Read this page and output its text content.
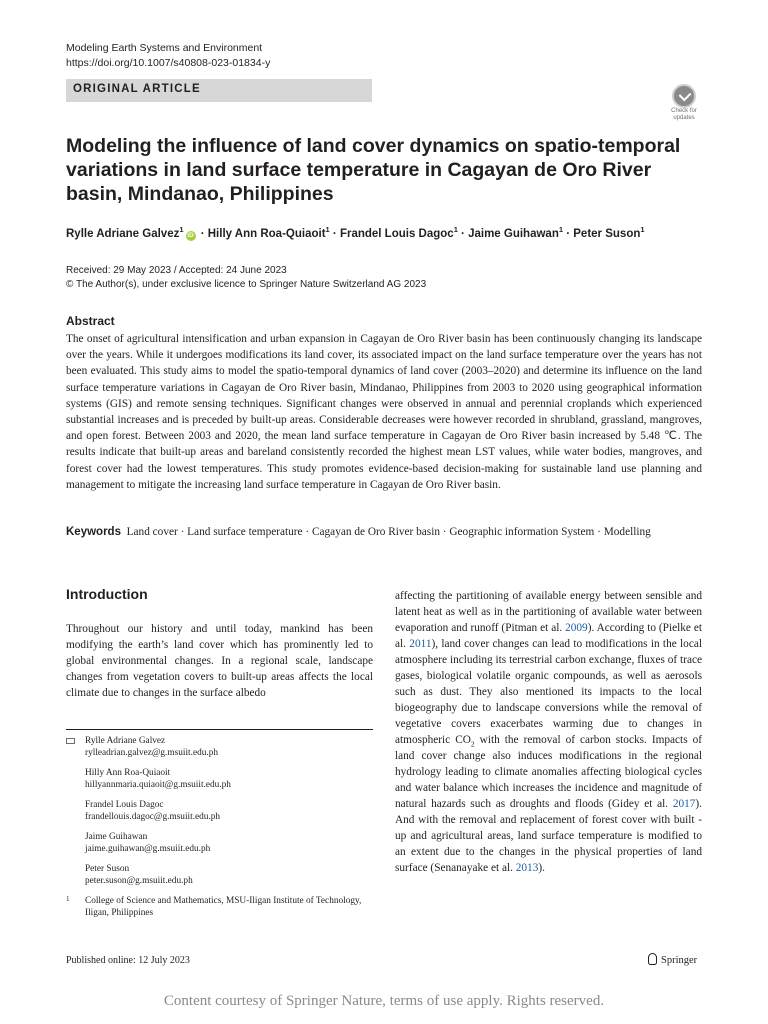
Modeling Earth Systems and Environment
https://doi.org/10.1007/s40808-023-01834-y
ORIGINAL ARTICLE
Check for
updates
Modeling the influence of land cover dynamics on spatio-temporal variations in land surface temperature in Cagayan de Oro River basin, Mindanao, Philippines
Rylle Adriane Galvez$^1$iD · Hilly Ann Roa-Quiaoit$^1$ · Frandel Louis Dagoc$^1$ · Jaime Guihawan$^1$ · Peter Suson$^1$
Received: 29 May 2023 / Accepted: 24 June 2023
© The Author(s), under exclusive licence to Springer Nature Switzerland AG 2023
Abstract
The onset of agricultural intensification and urban expansion in Cagayan de Oro River basin has been continuously changing its landscape over the years. While it undergoes modifications its land cover, its associated impact on the land surface temperature over the years has not been evaluated. This study aims to model the spatio-temporal dynamics of land cover (2003–2020) and determine its influence on the land surface temperature variations in Cagayan de Oro River basin, Mindanao, Philippines from 2003 to 2020 using geographical information systems (GIS) and remote sensing techniques. Significant changes were observed in annual and perennial croplands which experienced substantial increases and is preceded by built-up areas. Considerable decreases were however recorded in shrubland, grassland, mangroves, and open forest. Between 2003 and 2020, the mean land surface temperature in Cagayan de Oro River basin increased by 5.48 ℃. The results indicate that built-up areas and bareland consistently recorded the highest mean LST values, while water bodies, mangroves, and forest cover had the lowest temperatures. This study promotes evidence-based decision-making for sustainable land use planning and management to mitigate the increasing land surface temperature in Cagayan de Oro River basin.
Keywords Land cover · Land surface temperature · Cagayan de Oro River basin · Geographic information System · Modelling
Introduction
Throughout our history and until today, mankind has been modifying the earth’s land cover which has prominently led to global environmental changes. In a regional scale, landscape changes from vegetation covers to built-up areas affects the local climate due to changes in the surface albedo
affecting the partitioning of available energy between sensible and latent heat as well as in the partitioning of available water between evaporation and runoff (Pitman et al. 2009). According to (Pielke et al. 2011), land cover changes can lead to modifications in the local atmosphere including its terrestrial carbon exchange, fluxes of trace gases, biological volatile organic compounds, as well as aerosols such as dust. They also mentioned its impacts to the local biogeography due to landscape conversions while the removal of vegetative covers exacerbates warming due to changes in atmospheric $CO_2$ with the removal of carbon stocks. Impacts of land cover change also induces modifications in the regional hydrology leading to climate anomalies affecting biological cycles and water balance which increases the incidence and magnitude of natural hazards such as droughts and floods (Gidey et al. 2017). And with the removal and replacement of forest cover with built -up and agricultural areas, land surface temperature is modified to an extent due to the changes in the physical properties of land surface (Senanayake et al. 2013).
Rylle Adriane Galvez
rylleadrian.galvez@g.msuiit.edu.ph
Hilly Ann Roa-Quiaoit
hillyannmaria.quiaoit@g.msuiit.edu.ph
Frandel Louis Dagoc
frandellouis.dagoc@g.msuiit.edu.ph
Jaime Guihawan
jaime.guihawan@g.msuiit.edu.ph
Peter Suson
peter.suson@g.msuiit.edu.ph
1 College of Science and Mathematics, MSU-Iligan Institute of Technology, Iligan, Philippines
Published online: 12 July 2023	Springer
Content courtesy of Springer Nature, terms of use apply. Rights reserved.
